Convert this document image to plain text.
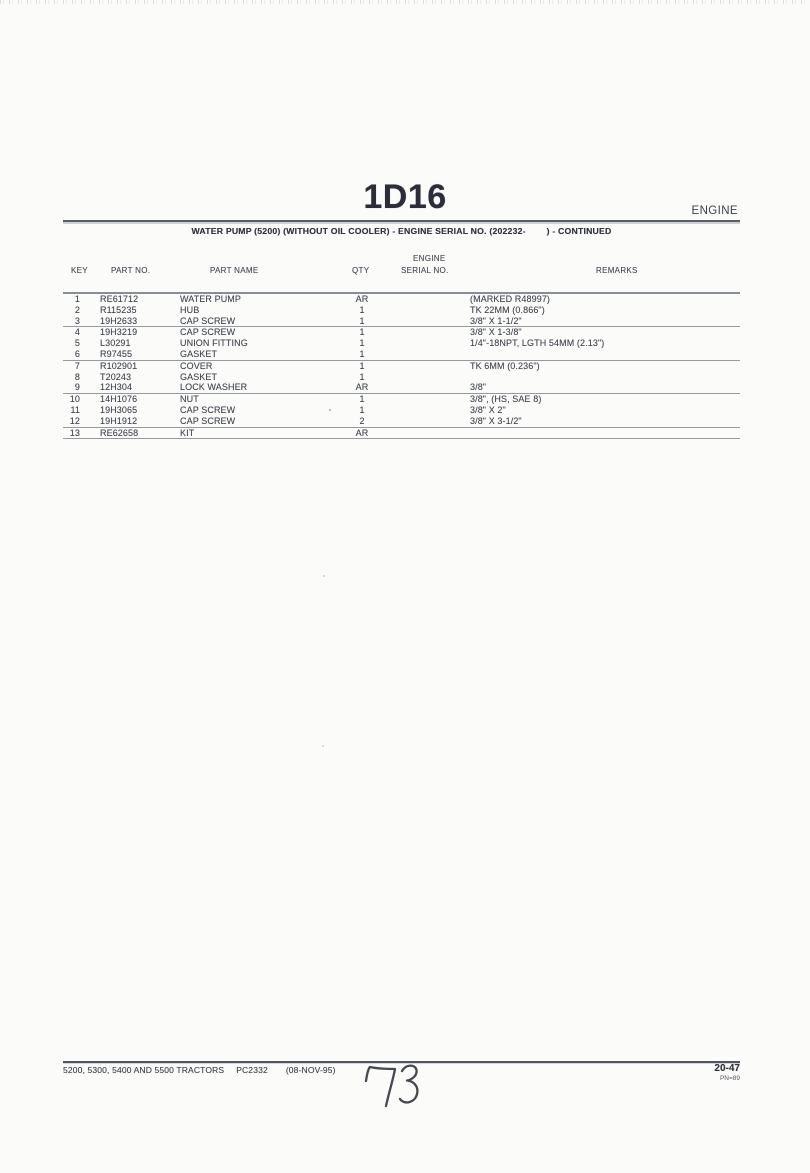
1D16	ENGINE
WATER PUMP (5200) (WITHOUT OIL COOLER) - ENGINE SERIAL NO. (202232-        ) - CONTINUED
KEY	PART NO.	PART NAME	QTY
ENGINE
SERIAL NO.	REMARKS
1 RE61712	WATER PUMP	AR	(MARKED R48997)
2 R115235	HUB	1	TK 22MM (0.866")
3 19H2633	CAP SCREW	1	3/8" X 1-1/2"
4 19H3219	CAP SCREW	1	3/8" X 1-3/8"
5 L30291	UNION FITTING	1	1/4"-18NPT, LGTH 54MM (2.13")
6 R97455	GASKET	1
7 R102901	COVER	1	TK 6MM (0.236")
8 T20243	GASKET	1
9 12H304	LOCK WASHER	AR	3/8"
10 14H1076	NUT	1	3/8", (HS, SAE 8)
11 19H3065	CAP SCREW	1	3/8" X 2"
12 19H1912	CAP SCREW	2	3/8" X 3-1/2"
13 RE62658	KIT	AR
5200, 5300, 5400 AND 5500 TRACTORS PC2332 (08-NOV-95)	20-47
PN=89
